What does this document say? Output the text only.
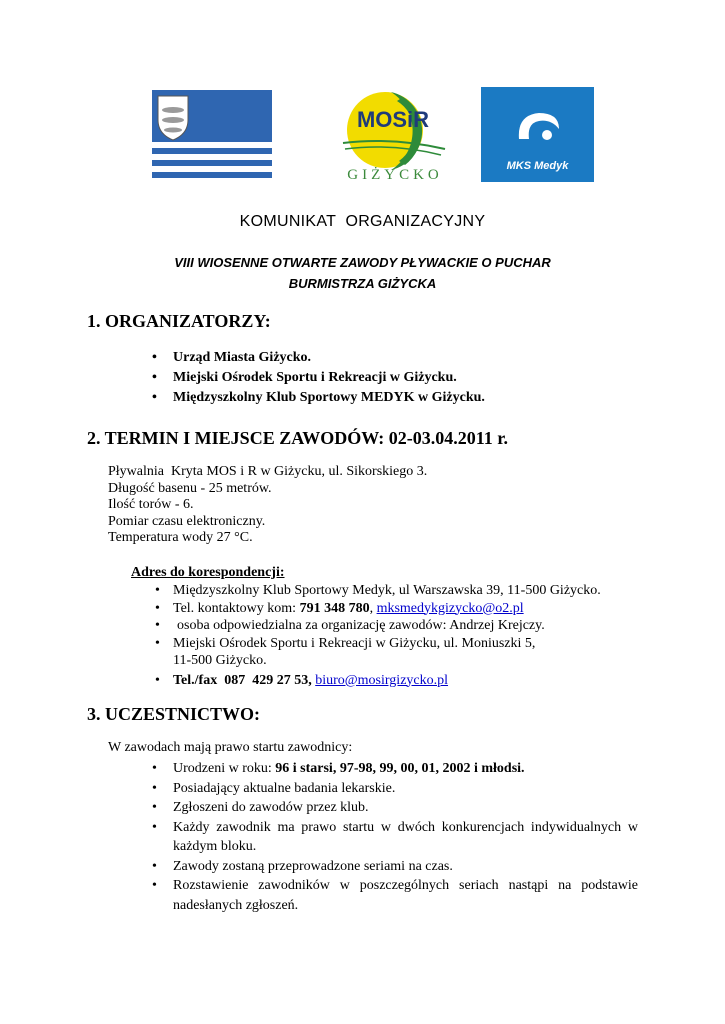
MOSiR
GIŻYCKO
MKS Medyk
KOMUNIKAT  ORGANIZACYJNY
VIII WIOSENNE OTWARTE ZAWODY PŁYWACKIE O PUCHAR
BURMISTRZA GIŻYCKA
1. ORGANIZATORZY:
• Urząd Miasta Giżycko.
• Miejski Ośrodek Sportu i Rekreacji w Giżycku.
• Międzyszkolny Klub Sportowy MEDYK w Giżycku.
2. TERMIN I MIEJSCE ZAWODÓW: 02-03.04.2011 r.
Pływalnia  Kryta MOS i R w Giżycku, ul. Sikorskiego 3.
Długość basenu - 25 metrów.
Ilość torów - 6.
Pomiar czasu elektroniczny.
Temperatura wody 27 °C.
Adres do korespondencji:
• Międzyszkolny Klub Sportowy Medyk, ul Warszawska 39, 11-500 Giżycko.
• Tel. kontaktowy kom: 791 348 780, mksmedykgizycko@o2.pl
• osoba odpowiedzialna za organizację zawodów: Andrzej Krejczy.
• Miejski Ośrodek Sportu i Rekreacji w Giżycku, ul. Moniuszki 5,
11-500 Giżycko.
• Tel./fax  087  429 27 53, biuro@mosirgizycko.pl
3. UCZESTNICTWO:
W zawodach mają prawo startu zawodnicy:
• Urodzeni w roku: 96 i starsi, 97-98, 99, 00, 01, 2002 i młodsi.
• Posiadający aktualne badania lekarskie.
• Zgłoszeni do zawodów przez klub.
• Każdy zawodnik ma prawo startu w dwóch konkurencjach indywidualnych w każdym bloku.
• Zawody zostaną przeprowadzone seriami na czas.
• Rozstawienie zawodników w poszczególnych seriach nastąpi na podstawie nadesłanych zgłoszeń.
